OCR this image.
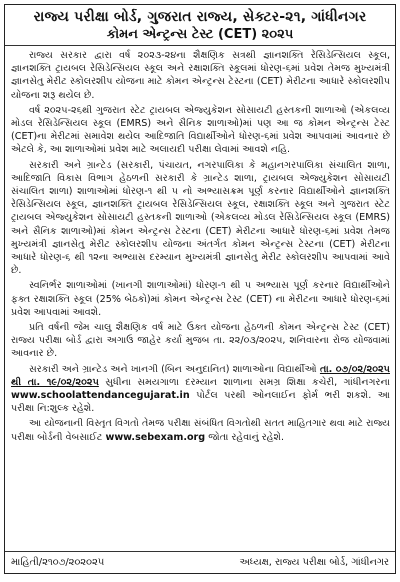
રાજ્ય પરીક્ષા બોર્ડ, ગુજરાત રાજ્ય, સેક્ટર-૨૧, ગાંધીનગર
કોમન એન્ટ્રન્સ ટેસ્ટ (CET) ૨૦૨૫

રાજ્ય સરકાર દ્વારા વર્ષ ૨૦૨૩-૨૪ના શૈક્ષણિક સત્રથી જ્ઞાનશક્તિ રેસિડેન્સિયલ સ્કૂલ, જ્ઞાનશક્તિ ટ્રાયબલ રેસિડેન્સિયલ સ્કૂલ અને રક્ષાશક્તિ સ્કૂલમાં ધોરણ-૬માં પ્રવેશ તેમજ મુખ્યમંત્રી જ્ઞાનસેતુ મેરીટ સ્કોલરશીપ યોજના માટે કોમન એન્ટ્રન્સ ટેસ્ટના (CET) મેરીટના આધારે સ્કોલરશીપ યોજના શરૂ થયેલ છે.

વર્ષ ૨૦૨૫-૨૬થી ગુજરાત સ્ટેટ ટ્રાયબલ એજ્યુકેશન સોસાયટી હસ્તકની શાળાઓ (એકલવ્ય મોડલ રેસિડેન્સિયલ સ્કૂલ (EMRS) અને સૈનિક શાળાઓ)માં પણ આ જ કોમન એન્ટ્રન્સ ટેસ્ટ (CET)ના મેરીટમાં સમાવેશ થયેલ આદિજાતિ વિદ્યાર્થીઓને ધોરણ-૬માં પ્રવેશ આપવામાં આવનાર છે એટલે કે, આ શાળાઓમાં પ્રવેશ માટે અલાયદી પરીક્ષા લેવામાં આવશે નહિ.

સરકારી અને ગ્રાન્ટેડ (સરકારી, પંચાયત, નગરપાલિકા કે મહાનગરપાલિકા સંચાલિત શાળા, આદિજાતિ વિકાસ વિભાગ હેઠળની સરકારી કે ગ્રાન્ટેડ શાળા, ટ્રાયબલ એજ્યુકેશન સોસાયટી સંચાલિત શાળા) શાળાઓમાં ધોરણ-૧ થી ૫ નો અભ્યાસક્રમ પૂર્ણ કરનાર વિદ્યાર્થીઓને જ્ઞાનશક્તિ રેસિડેન્સિયલ સ્કૂલ, જ્ઞાનશક્તિ ટ્રાયબલ રેસિડેન્સિયલ સ્કૂલ, રક્ષાશક્તિ સ્કૂલ અને ગુજરાત સ્ટેટ ટ્રાયબલ એજ્યુકેશન સોસાયટી હસ્તકની શાળાઓ (એકલવ્ય મોડલ રેસિડેન્સિયલ સ્કૂલ (EMRS) અને સૈનિક શાળાઓ)માં કોમન એન્ટ્રન્સ ટેસ્ટના (CET) મેરીટના આધારે ધોરણ-૬માં પ્રવેશ તેમજ મુખ્યમંત્રી જ્ઞાનસેતુ મેરીટ સ્કોલરશીપ યોજના અંતર્ગત કોમન એન્ટ્રન્સ ટેસ્ટના (CET) મેરીટના આધારે ધોરણ-૬ થી ૧૨ના અભ્યાસ દરમ્યાન મુખ્યમંત્રી જ્ઞાનસેતુ મેરીટ સ્કોલરશીપ આપવામાં આવે છે.

સ્વનિર્ભર શાળાઓમાં (ખાનગી શાળાઓમાં) ધોરણ-૧ થી ૫ અભ્યાસ પૂર્ણ કરનાર વિદ્યાર્થીઓને ફક્ત રક્ષાશક્તિ સ્કૂલ (25% બેઠકો)માં કોમન એન્ટ્રન્સ ટેસ્ટ (CET) ના મેરીટના આધારે ધોરણ-૬માં પ્રવેશ આપવામાં આવશે.

પ્રતિ વર્ષની જેમ ચાલુ શૈક્ષણિક વર્ષ માટે ઉક્ત યોજના હેઠળની કોમન એન્ટ્રન્સ ટેસ્ટ (CET) રાજ્ય પરીક્ષા બોર્ડ દ્વારા અગાઉ જાહેર કર્યા મુજબ તા. ૨૨/૦૩/૨૦૨૫, શનિવારના રોજ યોજવામાં આવનાર છે.

સરકારી અને ગ્રાન્ટેડ અને ખાનગી (બિન અનુદાનિત) શાળાઓના વિદ્યાર્થીઓ તા. ૦૭/૦૨/૨૦૨૫ થી તા. ૧૯/૦૨/૨૦૨૫ સુધીના સમયગાળા દરમ્યાન શાળાના સમગ્ર શિક્ષા કચેરી, ગાંધીનગરના www.schoolattendancegujarat.in પોર્ટલ પરથી ઓનલાઈન ફોર્મ ભરી શકશે. આ પરીક્ષા નિ:શુલ્ક રહેશે.

આ યોજનાની વિસ્તૃત વિગતો તેમજ પરીક્ષા સંબંધિત વિગતોથી સતત માહિતગાર થવા માટે રાજ્ય પરીક્ષા બોર્ડની વેબસાઈટ www.sebexam.org જોતા રહેવાનું રહેશે.

માહિતી/૨૧૦૭/૨૦૨૦૨૫	અધ્યક્ષ, રાજ્ય પરીક્ષા બોર્ડ, ગાંધીનગર
